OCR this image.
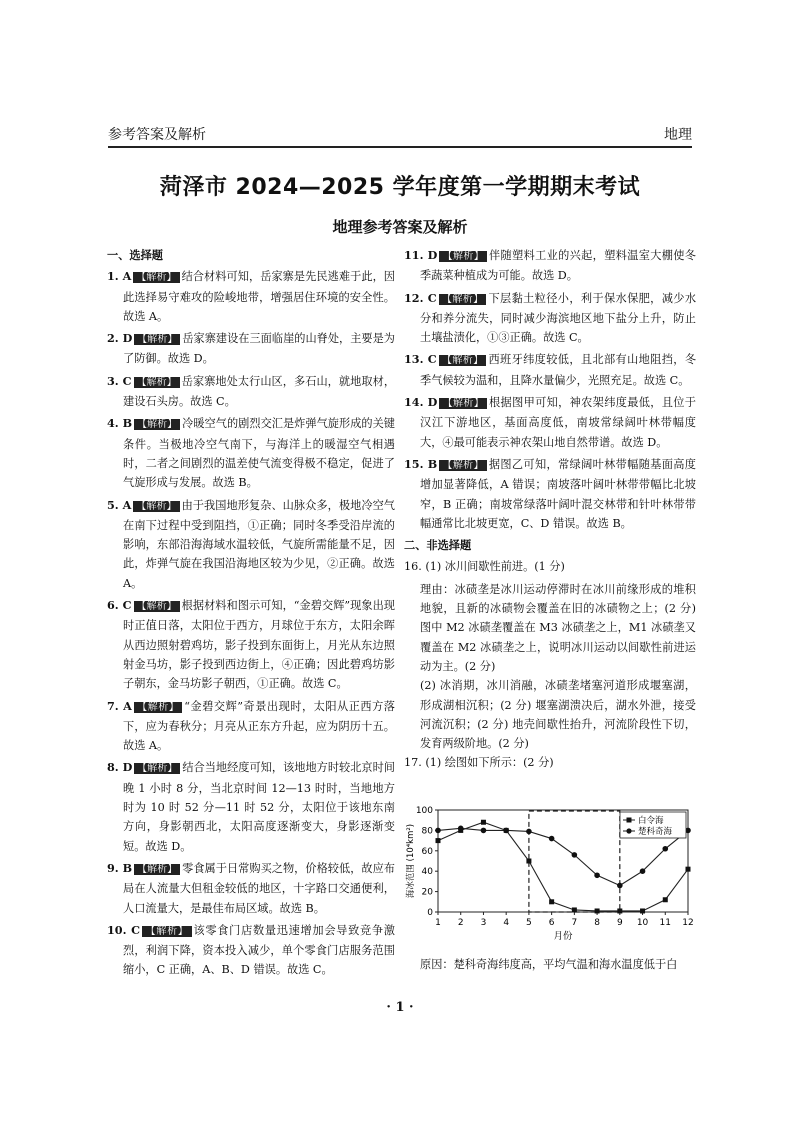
参考答案及解析	地理
菏泽市 2024—2025 学年度第一学期期末考试
地理参考答案及解析
一、选择题

1. A 【解析】 结合材料可知，岳家寨是先民逃难于此，因此选择易守难攻的险峻地带，增强居住环境的安全性。故选 A。

2. D 【解析】 岳家寨建设在三面临崖的山脊处，主要是为了防御。故选 D。

3. C 【解析】 岳家寨地处太行山区，多石山，就地取材，建设石头房。故选 C。

4. B 【解析】 冷暖空气的剧烈交汇是炸弹气旋形成的关键条件。当极地冷空气南下，与海洋上的暖湿空气相遇时，二者之间剧烈的温差使气流变得极不稳定，促进了气旋形成与发展。故选 B。

5. A 【解析】 由于我国地形复杂、山脉众多，极地冷空气在南下过程中受到阻挡，①正确；同时冬季受沿岸流的影响，东部沿海海域水温较低，气旋所需能量不足，因此，炸弹气旋在我国沿海地区较为少见，②正确。故选 A。

6. C 【解析】 根据材料和图示可知，“金碧交辉”现象出现时正值日落，太阳位于西方，月球位于东方，太阳余晖从西边照射碧鸡坊，影子投到东面街上，月光从东边照射金马坊，影子投到西边街上，④正确；因此碧鸡坊影子朝东，金马坊影子朝西，①正确。故选 C。

7. A 【解析】 “金碧交辉”奇景出现时，太阳从正西方落下，应为春秋分；月亮从正东方升起，应为阴历十五。故选 A。

8. D 【解析】 结合当地经度可知，该地地方时较北京时间晚 1 小时 8 分，当北京时间 12—13 时时，当地地方时为 10 时 52 分—11 时 52 分，太阳位于该地东南方向，身影朝西北，太阳高度逐渐变大，身影逐渐变短。故选 D。

9. B 【解析】 零食属于日常购买之物，价格较低，故应布局在人流量大但租金较低的地区，十字路口交通便利，人口流量大，是最佳布局区域。故选 B。

10. C 【解析】 该零食门店数量迅速增加会导致竞争激烈，利润下降，资本投入减少，单个零食门店服务范围缩小，C 正确，A、B、D 错误。故选 C。

11. D 【解析】 伴随塑料工业的兴起，塑料温室大棚使冬季蔬菜种植成为可能。故选 D。

12. C 【解析】 下层黏土粒径小，利于保水保肥，减少水分和养分流失，同时减少海滨地区地下盐分上升，防止土壤盐渍化，①③正确。故选 C。

13. C 【解析】 西班牙纬度较低，且北部有山地阻挡，冬季气候较为温和，且降水量偏少，光照充足。故选 C。

14. D 【解析】 根据图甲可知，神农架纬度最低，且位于汉江下游地区，基面高度低，南坡常绿阔叶林带幅度大，④最可能表示神农架山地自然带谱。故选 D。

15. B 【解析】 据图乙可知，常绿阔叶林带幅随基面高度增加显著降低，A 错误；南坡落叶阔叶林带带幅比北坡窄，B 正确；南坡常绿落叶阔叶混交林带和针叶林带带幅通常比北坡更宽，C、D 错误。故选 B。

二、非选择题

16. (1) 冰川间歇性前进。(1 分)

理由：冰碛垄是冰川运动停滞时在冰川前缘形成的堆积地貌，且新的冰碛物会覆盖在旧的冰碛物之上；(2 分) 图中 M2 冰碛垄覆盖在 M3 冰碛垄之上，M1 冰碛垄又覆盖在 M2 冰碛垄之上，说明冰川运动以间歇性前进运动为主。(2 分)

(2) 冰消期，冰川消融，冰碛垄堵塞河道形成堰塞湖，形成湖相沉积；(2 分) 堰塞湖溃决后，湖水外泄，接受河流沉积；(2 分) 地壳间歇性抬升，河流阶段性下切，发育两级阶地。(2 分)

17. (1) 绘图如下所示：(2 分)

0
20
40
60
80
100
1 2 3 4 5 6 7 8 9 10 11 12
月份
海冰范围 (10⁴km²)
白令海
楚科奇海
原因：楚科奇海纬度高，平均气温和海水温度低于白
· 1 ·
